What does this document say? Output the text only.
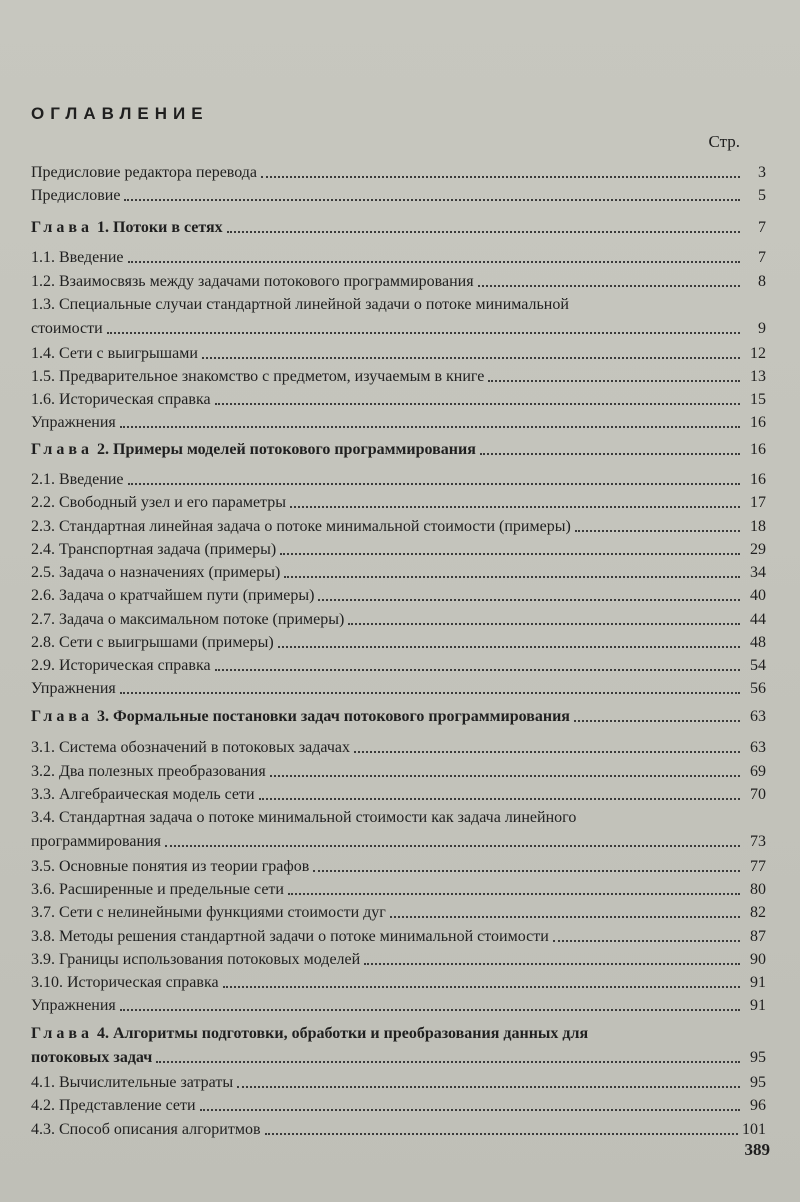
ОГЛАВЛЕНИЕ
Стр.
Предисловие редактора перевода	3
Предисловие	5
Глава 1. Потоки в сетях	7
1.1. Введение	7
1.2. Взаимосвязь между задачами потокового программирования	8
1.3. Специальные случаи стандартной линейной задачи о потоке минимальной
стоимости	9
1.4. Сети с выигрышами	12
1.5. Предварительное знакомство с предметом, изучаемым в книге	13
1.6. Историческая справка	15
Упражнения	16
Глава 2. Примеры моделей потокового программирования	16
2.1. Введение	16
2.2. Свободный узел и его параметры	17
2.3. Стандартная линейная задача о потоке минимальной стоимости (примеры)	18
2.4. Транспортная задача (примеры)	29
2.5. Задача о назначениях (примеры)	34
2.6. Задача о кратчайшем пути (примеры)	40
2.7. Задача о максимальном потоке (примеры)	44
2.8. Сети с выигрышами (примеры)	48
2.9. Историческая справка	54
Упражнения	56
Глава 3. Формальные постановки задач потокового программирования	63
3.1. Система обозначений в потоковых задачах	63
3.2. Два полезных преобразования	69
3.3. Алгебраическая модель сети	70
3.4. Стандартная задача о потоке минимальной стоимости как задача линейного
программирования	73
3.5. Основные понятия из теории графов	77
3.6. Расширенные и предельные сети	80
3.7. Сети с нелинейными функциями стоимости дуг	82
3.8. Методы решения стандартной задачи о потоке минимальной стоимости	87
3.9. Границы использования потоковых моделей	90
3.10. Историческая справка	91
Упражнения	91
Глава 4. Алгоритмы подготовки, обработки и преобразования данных для
потоковых задач	95
4.1. Вычислительные затраты	95
4.2. Представление сети	96
4.3. Способ описания алгоритмов	101
389
